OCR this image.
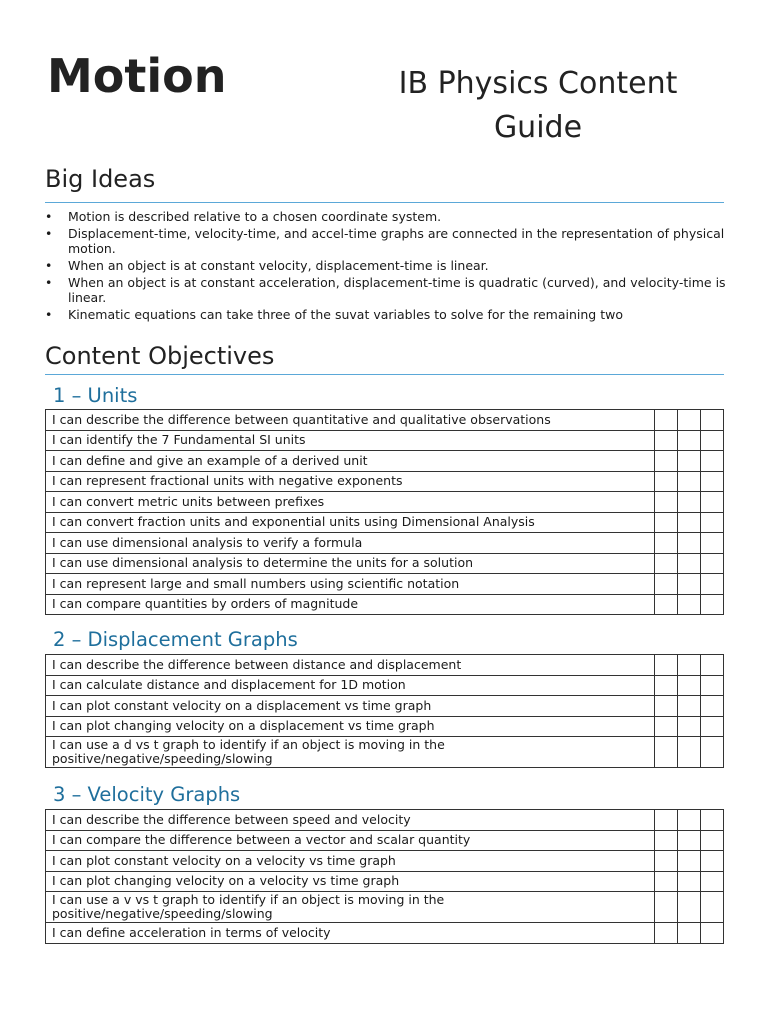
Motion	IB Physics Content Guide
Big Ideas
• Motion is described relative to a chosen coordinate system.
• Displacement-time, velocity-time, and accel-time graphs are connected in the representation of physical motion.
• When an object is at constant velocity, displacement-time is linear.
• When an object is at constant acceleration, displacement-time is quadratic (curved), and velocity-time is linear.
• Kinematic equations can take three of the suvat variables to solve for the remaining two
Content Objectives
1 – Units
I can describe the difference between quantitative and qualitative observations			
I can identify the 7 Fundamental SI units			
I can define and give an example of a derived unit			
I can represent fractional units with negative exponents			
I can convert metric units between prefixes			
I can convert fraction units and exponential units using Dimensional Analysis			
I can use dimensional analysis to verify a formula			
I can use dimensional analysis to determine the units for a solution			
I can represent large and small numbers using scientific notation			
I can compare quantities by orders of magnitude			
2 – Displacement Graphs
I can describe the difference between distance and displacement			
I can calculate distance and displacement for 1D motion			
I can plot constant velocity on a displacement vs time graph			
I can plot changing velocity on a displacement vs time graph			
I can use a d vs t graph to identify if an object is moving in the positive/negative/speeding/slowing			
3 – Velocity Graphs
I can describe the difference between speed and velocity			
I can compare the difference between a vector and scalar quantity			
I can plot constant velocity on a velocity vs time graph			
I can plot changing velocity on a velocity vs time graph			
I can use a v vs t graph to identify if an object is moving in the positive/negative/speeding/slowing			
I can define acceleration in terms of velocity			
